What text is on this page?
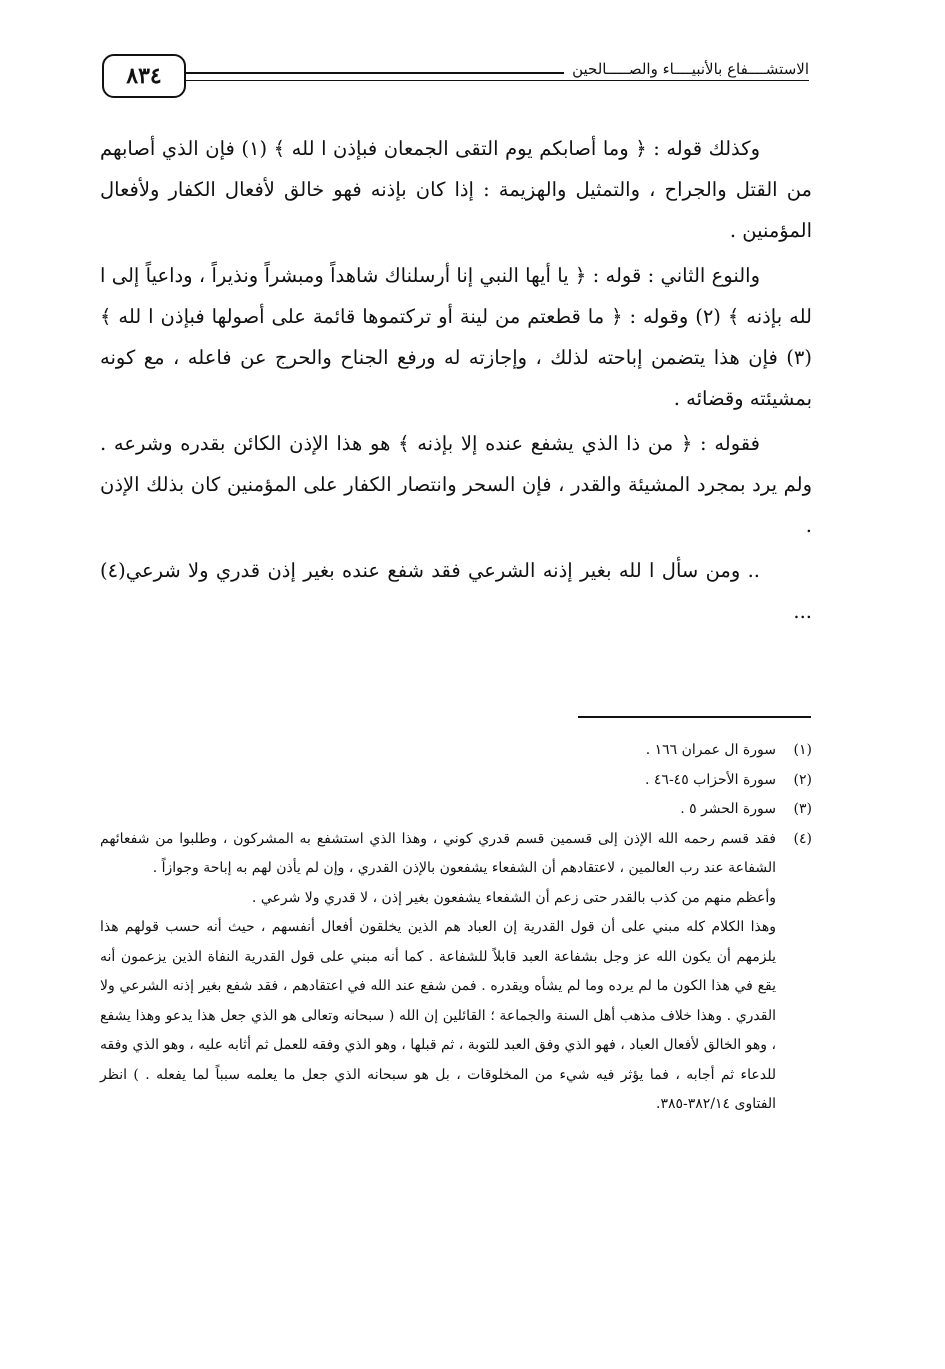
الاستشــــفاع بالأنبيــــاء والصـــــالحين
٨٣٤

وكذلك قوله : ﴿ وما أصابكم يوم التقى الجمعان فبإذن ا لله ﴾ (١) فإن الذي أصابهم من القتل والجراح ، والتمثيل والهزيمة : إذا كان بإذنه فهو خالق لأفعال الكفار ولأفعال المؤمنين .

والنوع الثاني : قوله : ﴿ يا أيها النبي إنا أرسلناك شاهداً ومبشراً ونذيراً ، وداعياً إلى ا لله بإذنه ﴾ (٢) وقوله : ﴿ ما قطعتم من لينة أو تركتموها قائمة على أصولها فبإذن ا لله ﴾(٣) فإن هذا يتضمن إباحته لذلك ، وإجازته له ورفع الجناح والحرج عن فاعله ، مع كونه بمشيئته وقضائه .

فقوله : ﴿ من ذا الذي يشفع عنده إلا بإذنه ﴾ هو هذا الإذن الكائن بقدره وشرعه . ولم يرد بمجرد المشيئة والقدر ، فإن السحر وانتصار الكفار على المؤمنين كان بذلك الإذن .

.. ومن سأل ا لله بغير إذنه الشرعي فقد شفع عنده بغير إذن قدري ولا شرعي(٤) ...

(١)

سورة ال عمران ١٦٦ .

(٢)

سورة الأحزاب ٤٥-٤٦ .

(٣)

سورة الحشر ٥ .

(٤)

فقد قسم رحمه الله الإذن إلى قسمين قسم قدري كوني ، وهذا الذي استشفع به المشركون ، وطلبوا من شفعائهم الشفاعة عند رب العالمين ، لاعتقادهم أن الشفعاء يشفعون بالإذن القدري ، وإن لم يأذن لهم به إباحة وجوازاً .

وأعظم منهم من كذب بالقدر حتى زعم أن الشفعاء يشفعون بغير إذن ، لا قدري ولا شرعي .

وهذا الكلام كله مبني على أن قول القدرية إن العباد هم الذين يخلقون أفعال أنفسهم ، حيث أنه حسب قولهم هذا يلزمهم أن يكون الله عز وجل بشفاعة العبد قابلاً للشفاعة . كما أنه مبني على قول القدرية النفاة الذين يزعمون أنه يقع في هذا الكون ما لم يرده وما لم يشأه ويقدره . فمن شفع عند الله في اعتقادهم ، فقد شفع بغير إذنه الشرعي ولا القدري . وهذا خلاف مذهب أهل السنة والجماعة ؛ القائلين إن الله ( سبحانه وتعالى هو الذي جعل هذا يدعو وهذا يشفع ، وهو الخالق لأفعال العباد ، فهو الذي وفق العبد للتوبة ، ثم قبلها ، وهو الذي وفقه للعمل ثم أثابه عليه ، وهو الذي وفقه للدعاء ثم أجابه ، فما يؤثر فيه شيء من المخلوقات ، بل هو سبحانه الذي جعل ما يعلمه سبباً لما يفعله . ) انظر الفتاوى ٣٨٢/١٤-٣٨٥.
